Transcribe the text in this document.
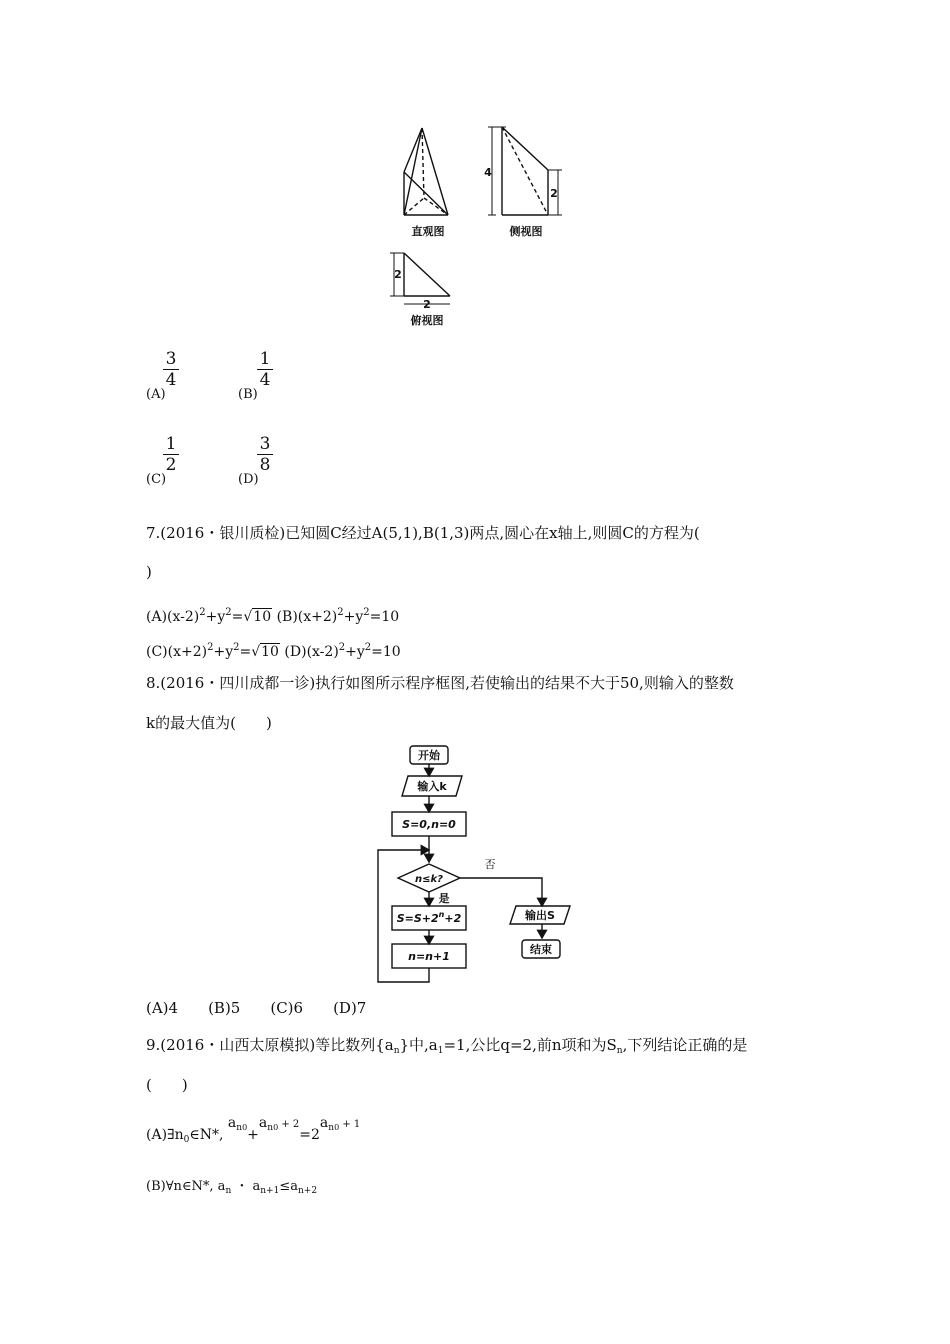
4
2
直观图	侧视图
2
2
俯视图
(A)
3
4
(B)
1
4
(C)
1
2
(D)
3
8
7.(2016・银川质检)已知圆C经过A(5,1),B(1,3)两点,圆心在x轴上,则圆C的方程为(
)
$(A)(x-2)^2+y^2=√10$ $(B)(x+2)^2+y^2=10$
$(C)(x+2)^2+y^2=√10$ $(D)(x-2)^2+y^2=10$
8.(2016・四川成都一诊)执行如图所示程序框图,若使输出的结果不大于50,则输入的整数
k的最大值为(　　)
开始
输入k
S=0,n=0
n≤k?
否
是
$S=S+2^n+2$
n=n+1
输出S
结束
(A)4　　(B)5　　(C)6　　(D)7
9.(2016・山西太原模拟)等比数列$\{a_n\}$中$,a_1=1$,公比q=2,前n项和为$S_n$,下列结论正确的是
(　　)
$(A)\exists n_0\in N*$, $a_{n0}+a_{n0} + 2=2a_{n0} + 1$
(B)∀n∈N*, $a_n$ ・ $a_{n+1}\le a_{n+2}$
